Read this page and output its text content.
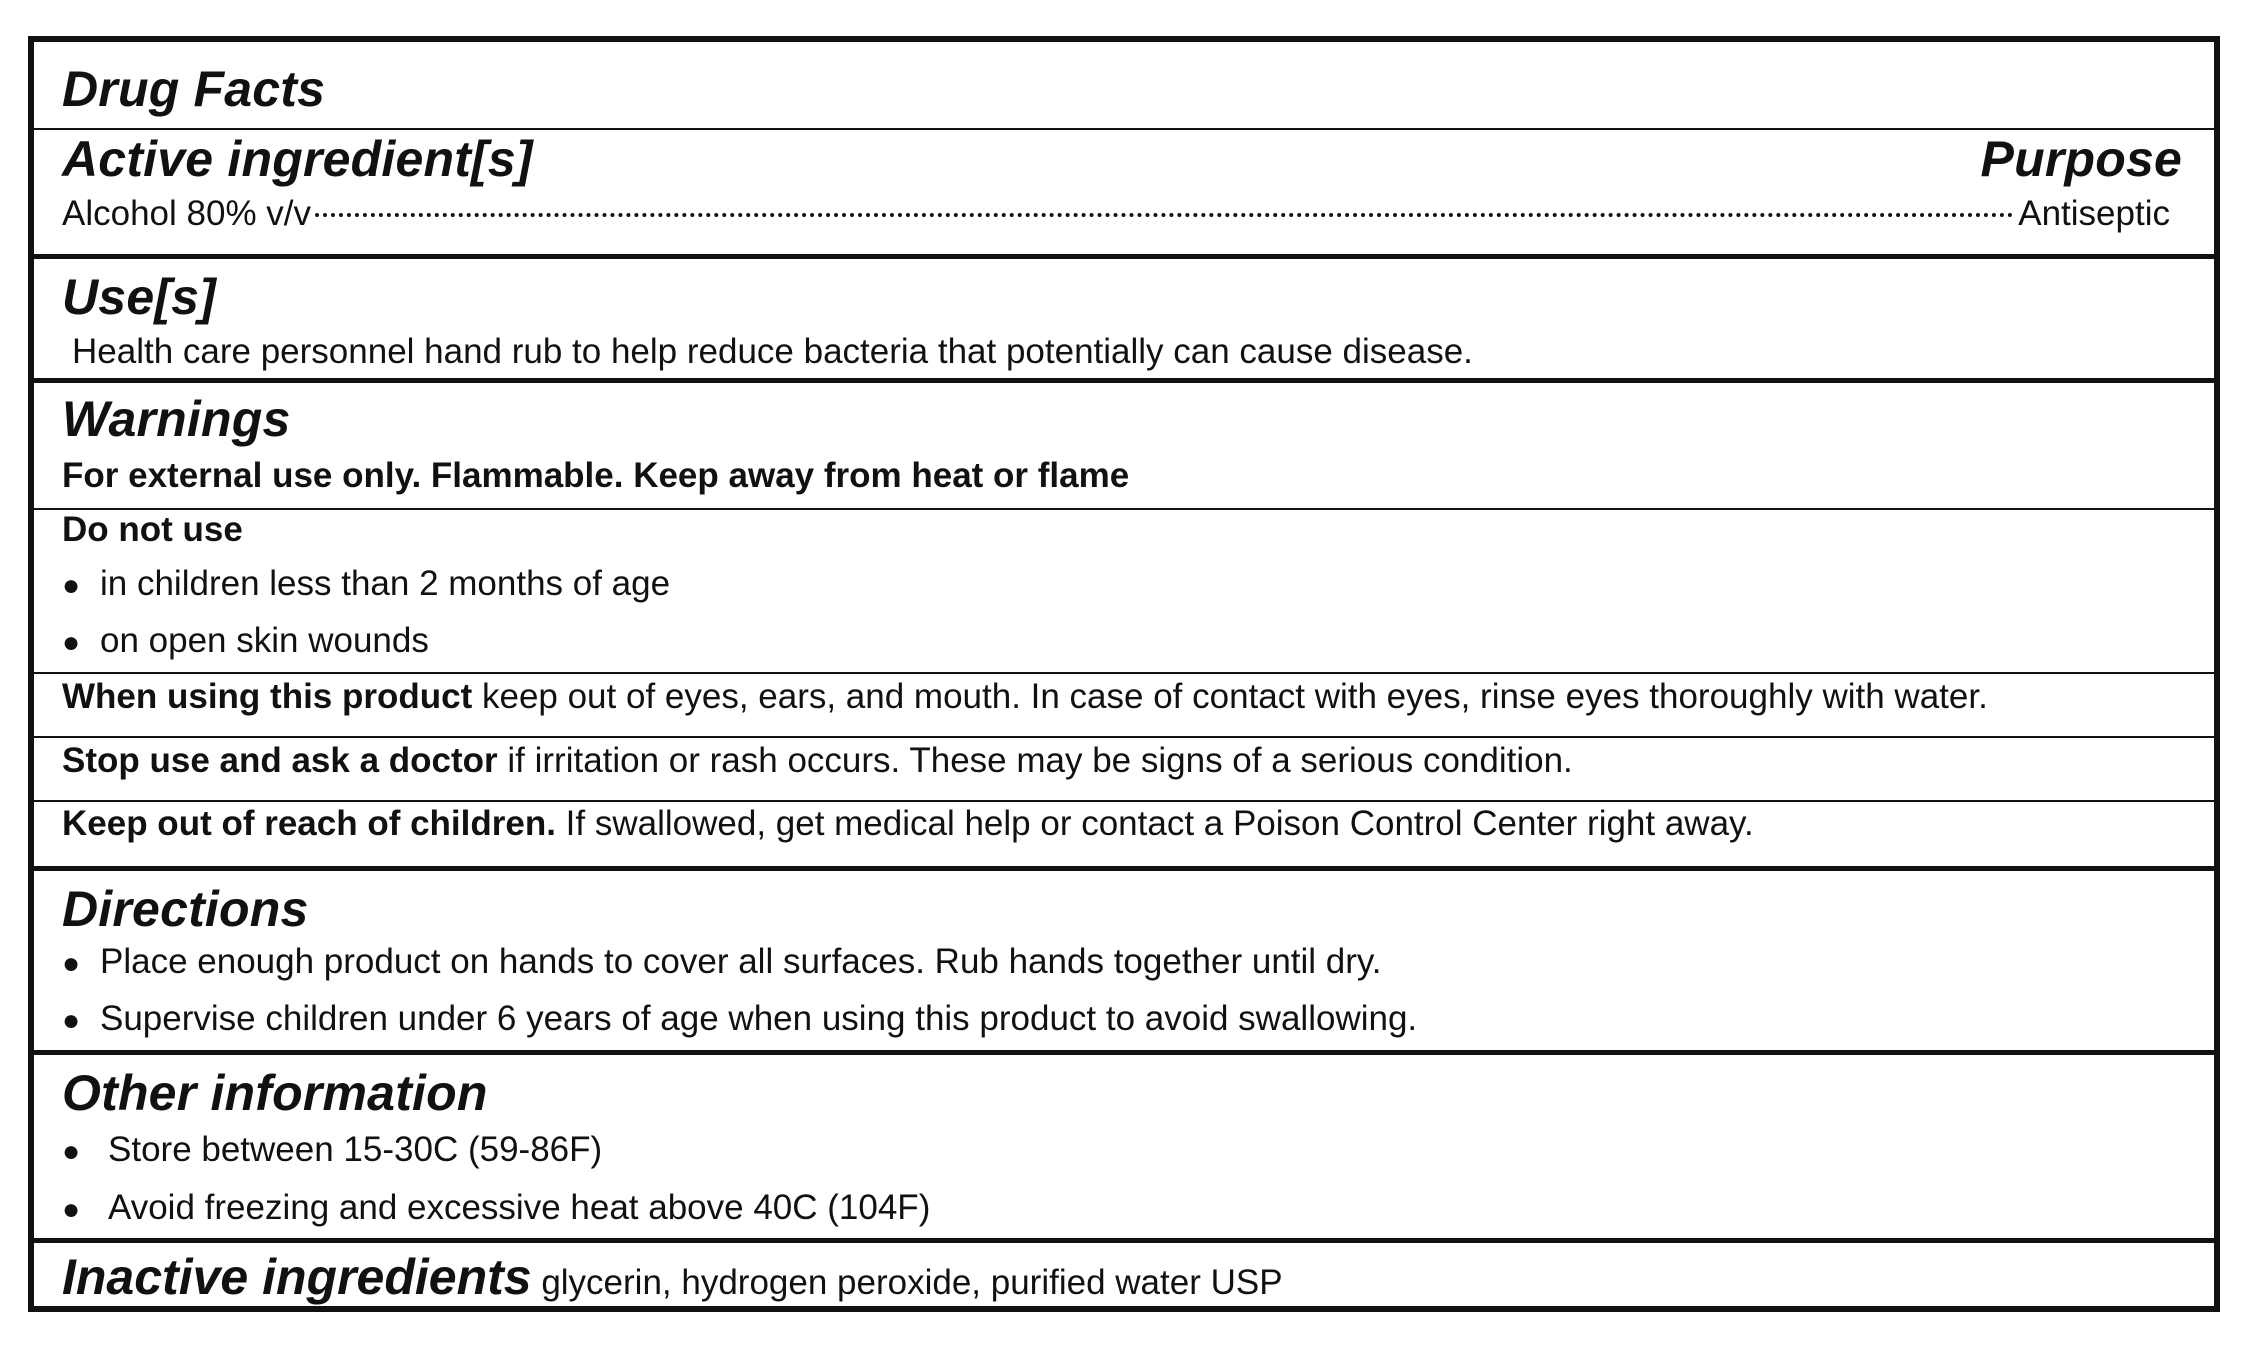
Drug Facts
Active ingredient[s]	Purpose
Alcohol 80% v/v	Antiseptic
Use[s]
Health care personnel hand rub to help reduce bacteria that potentially can cause disease.
Warnings
For external use only. Flammable. Keep away from heat or flame
Do not use
● in children less than 2 months of age
● on open skin wounds
When using this product keep out of eyes, ears, and mouth. In case of contact with eyes, rinse eyes thoroughly with water.
Stop use and ask a doctor if irritation or rash occurs. These may be signs of a serious condition.
Keep out of reach of children. If swallowed, get medical help or contact a Poison Control Center right away.
Directions
● Place enough product on hands to cover all surfaces. Rub hands together until dry.
● Supervise children under 6 years of age when using this product to avoid swallowing.
Other information
● Store between 15-30C (59-86F)
● Avoid freezing and excessive heat above 40C (104F)
Inactive ingredients glycerin, hydrogen peroxide, purified water USP
